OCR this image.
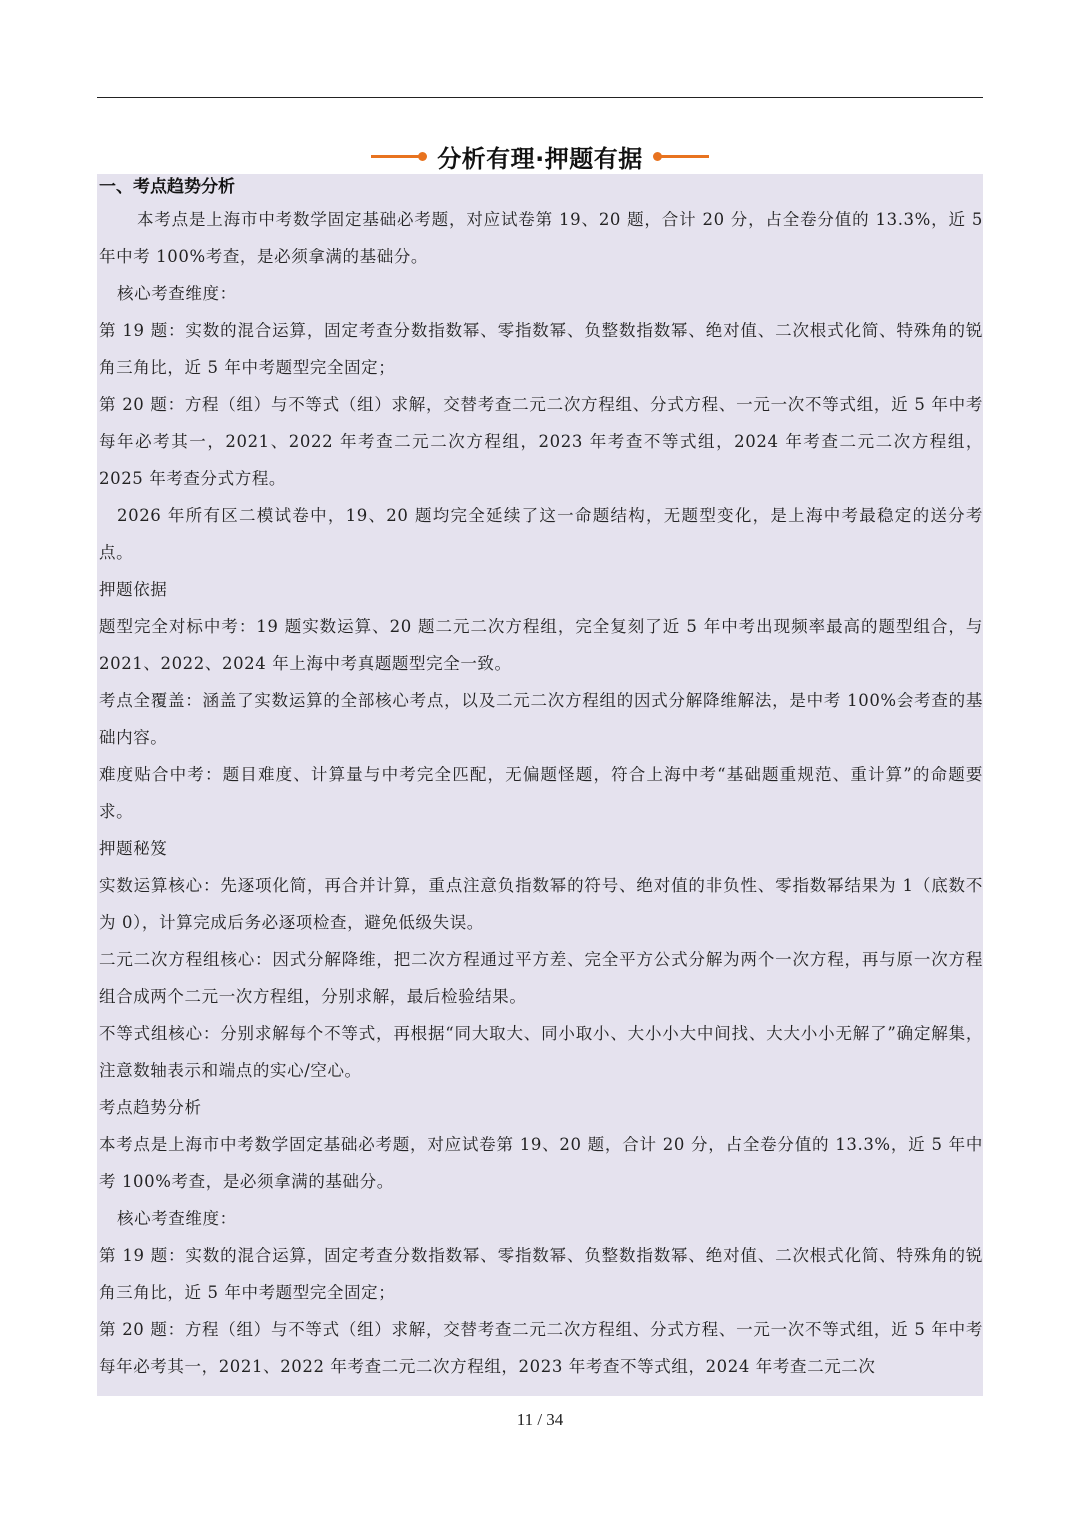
分析有理·押题有据

一、考点趋势分析

本考点是上海市中考数学固定基础必考题，对应试卷第 19、20 题，合计 20 分，占全卷分值的 13.3%，近 5 年中考 100%考查，是必须拿满的基础分。

核心考查维度：

第 19 题：实数的混合运算，固定考查分数指数幂、零指数幂、负整数指数幂、绝对值、二次根式化简、特殊角的锐角三角比，近 5 年中考题型完全固定；

第 20 题：方程（组）与不等式（组）求解，交替考查二元二次方程组、分式方程、一元一次不等式组，近 5 年中考每年必考其一，2021、2022 年考查二元二次方程组，2023 年考查不等式组，2024 年考查二元二次方程组，2025 年考查分式方程。

2026 年所有区二模试卷中，19、20 题均完全延续了这一命题结构，无题型变化，是上海中考最稳定的送分考点。

押题依据

题型完全对标中考：19 题实数运算、20 题二元二次方程组，完全复刻了近 5 年中考出现频率最高的题型组合，与 2021、2022、2024 年上海中考真题题型完全一致。

考点全覆盖：涵盖了实数运算的全部核心考点，以及二元二次方程组的因式分解降维解法，是中考 100%会考查的基础内容。

难度贴合中考：题目难度、计算量与中考完全匹配，无偏题怪题，符合上海中考“基础题重规范、重计算”的命题要求。

押题秘笈

实数运算核心：先逐项化简，再合并计算，重点注意负指数幂的符号、绝对值的非负性、零指数幂结果为 1（底数不为 0），计算完成后务必逐项检查，避免低级失误。

二元二次方程组核心：因式分解降维，把二次方程通过平方差、完全平方公式分解为两个一次方程，再与原一次方程组合成两个二元一次方程组，分别求解，最后检验结果。

不等式组核心：分别求解每个不等式，再根据“同大取大、同小取小、大小小大中间找、大大小小无解了”确定解集，注意数轴表示和端点的实心/空心。

考点趋势分析

本考点是上海市中考数学固定基础必考题，对应试卷第 19、20 题，合计 20 分，占全卷分值的 13.3%，近 5 年中考 100%考查，是必须拿满的基础分。

核心考查维度：

第 19 题：实数的混合运算，固定考查分数指数幂、零指数幂、负整数指数幂、绝对值、二次根式化简、特殊角的锐角三角比，近 5 年中考题型完全固定；

第 20 题：方程（组）与不等式（组）求解，交替考查二元二次方程组、分式方程、一元一次不等式组，近 5 年中考每年必考其一，2021、2022 年考查二元二次方程组，2023 年考查不等式组，2024 年考查二元二次

11 / 34
